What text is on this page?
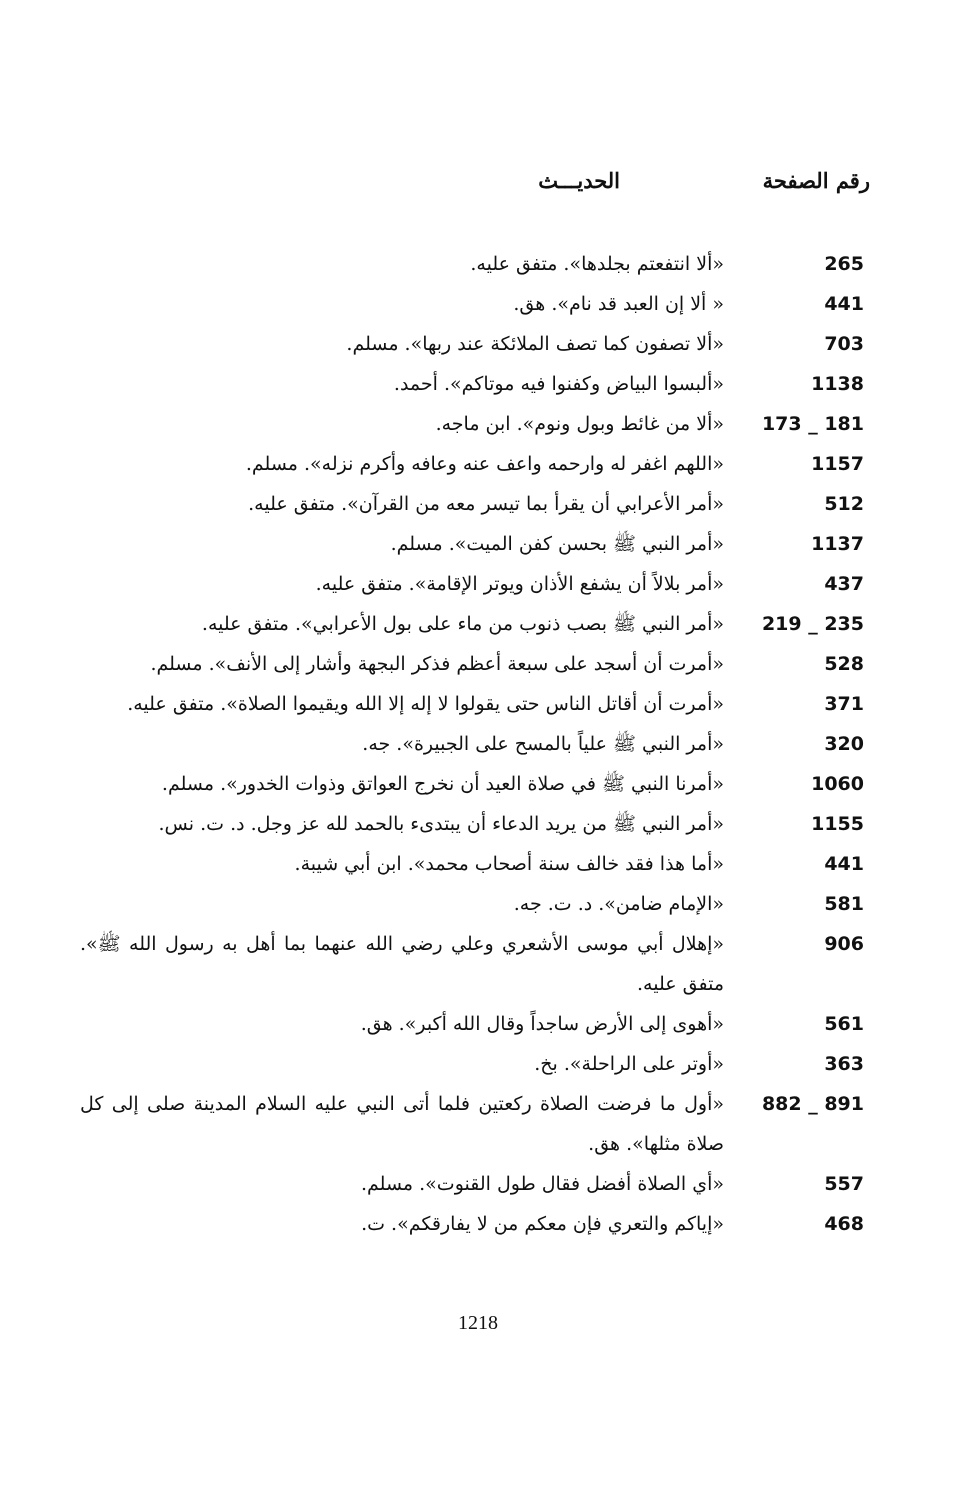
رقم الصفحة
الحديـــث
265
«ألا انتفعتم بجلدها». متفق عليه.
441
« ألا إن العبد قد نام». هق.
703
«ألا تصفون كما تصف الملائكة عند ربها». مسلم.
1138
«ألبسوا البياض وكفنوا فيه موتاكم». أحمد.
173 _ 181
«ألا من غائط وبول ونوم». ابن ماجه.
1157
«اللهم اغفر له وارحمه واعف عنه وعافه وأكرم نزله». مسلم.
512
«أمر الأعرابي أن يقرأ بما تيسر معه من القرآن». متفق عليه.
1137
«أمر النبي ﷺ بحسن كفن الميت». مسلم.
437
«أمر بلالاً أن يشفع الأذان ويوتر الإقامة». متفق عليه.
219 _ 235
«أمر النبي ﷺ بصب ذنوب من ماء على بول الأعرابي». متفق عليه.
528
«أمرت أن أسجد على سبعة أعظم فذكر البجهة وأشار إلى الأنف». مسلم.
371
«أمرت أن أقاتل الناس حتى يقولوا لا إله إلا الله ويقيموا الصلاة». متفق عليه.
320
«أمر النبي ﷺ علياً بالمسح على الجبيرة». جه.
1060
«أمرنا النبي ﷺ في صلاة العيد أن نخرج العواتق وذوات الخدور». مسلم.
1155
«أمر النبي ﷺ من يريد الدعاء أن يبتدىء بالحمد لله عز وجل. د. ت. نس.
441
«أما هذا فقد خالف سنة أصحاب محمد». ابن أبي شيبة.
581
«الإمام ضامن». د. ت. جه.
906
«إهلال أبي موسى الأشعري وعلي رضي الله عنهما بما أهل به رسول الله ﷺ». متفق عليه.
561
«أهوى إلى الأرض ساجداً وقال الله أكبر». هق.
363
«أوتر على الراحلة». بخ.
882 _ 891
«أول ما فرضت الصلاة ركعتين فلما أتى النبي عليه السلام المدينة صلى إلى كل صلاة مثلها». هق.
557
«أي الصلاة أفضل فقال طول القنوت». مسلم.
468
«إياكم والتعري فإن معكم من لا يفارقكم». ت.
1218
